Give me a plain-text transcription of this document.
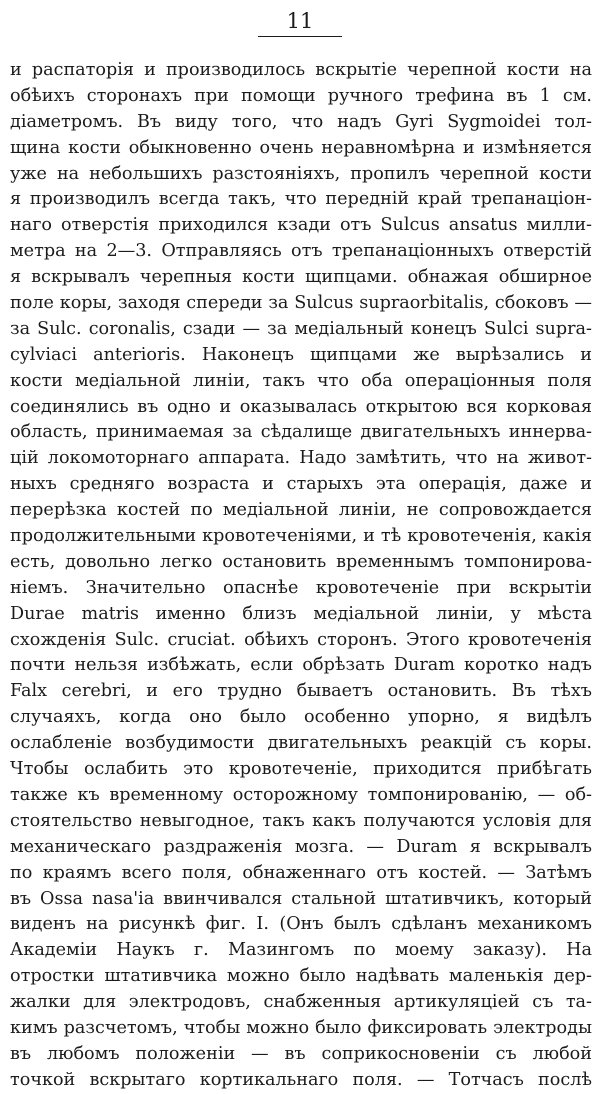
11
и распаторія и производилось вскрытіе черепной кости на
обѣихъ сторонахъ при помощи ручного трефина въ 1 см.
діаметромъ. Въ виду того, что надъ Gyri Sygmoidei тол-
щина кости обыкновенно очень неравномѣрна и измѣняется
уже на небольшихъ разстояніяхъ, пропилъ черепной кости
я производилъ всегда такъ, что передній край трепанаціон-
наго отверстія приходился кзади отъ Sulcus ansatus милли-
метра на 2—3. Отправляясь отъ трепанаціонныхъ отверстій
я вскрывалъ черепныя кости щипцами. обнажая обширное
поле коры, заходя спереди за Sulcus supraorbitalis, сбоковъ —
за Sulc. coronalis, сзади — за медіальный конецъ Sulci supra-
cylviaci anterioris. Наконецъ щипцами же вырѣзались и
кости медіальной линіи, такъ что оба операціонныя поля
соединялись въ одно и оказывалась открытою вся корковая
область, принимаемая за сѣдалище двигательныхъ иннерва-
цій локомоторнаго аппарата. Надо замѣтить, что на живот-
ныхъ средняго возраста и старыхъ эта операція, даже и
перерѣзка костей по медіальной линіи, не сопровождается
продолжительными кровотеченіями, и тѣ кровотеченія, какія
есть, довольно легко остановить временнымъ томпонирова-
ніемъ. Значительно опаснѣе кровотеченіе при вскрытіи
Durae matris именно близъ медіальной линіи, у мѣста
схожденія Sulc. cruciat. обѣихъ сторонъ. Этого кровотеченія
почти нельзя избѣжать, если обрѣзать Duram коротко надъ
Falx cerebri, и его трудно бываетъ остановить. Въ тѣхъ
случаяхъ, когда оно было особенно упорно, я видѣлъ
ослабленіе возбудимости двигательныхъ реакцій съ коры.
Чтобы ослабить это кровотеченіе, приходится прибѣгать
также къ временному осторожному томпонированію, — об-
стоятельство невыгодное, такъ какъ получаются условія для
механическаго раздраженія мозга. — Duram я вскрывалъ
по краямъ всего поля, обнаженнаго отъ костей. — Затѣмъ
въ Ossa nasa'ia ввинчивался стальной штативчикъ, который
виденъ на рисункѣ фиг. I. (Онъ былъ сдѣланъ механикомъ
Академіи Наукъ г. Мазингомъ по моему заказу). На
отростки штативчика можно было надѣвать маленькія дер-
жалки для электродовъ, снабженныя артикуляціей съ та-
кимъ разсчетомъ, чтобы можно было фиксировать электроды
въ любомъ положеніи — въ соприкосновеніи съ любой
точкой вскрытаго кортикальнаго поля. — Тотчасъ послѣ
